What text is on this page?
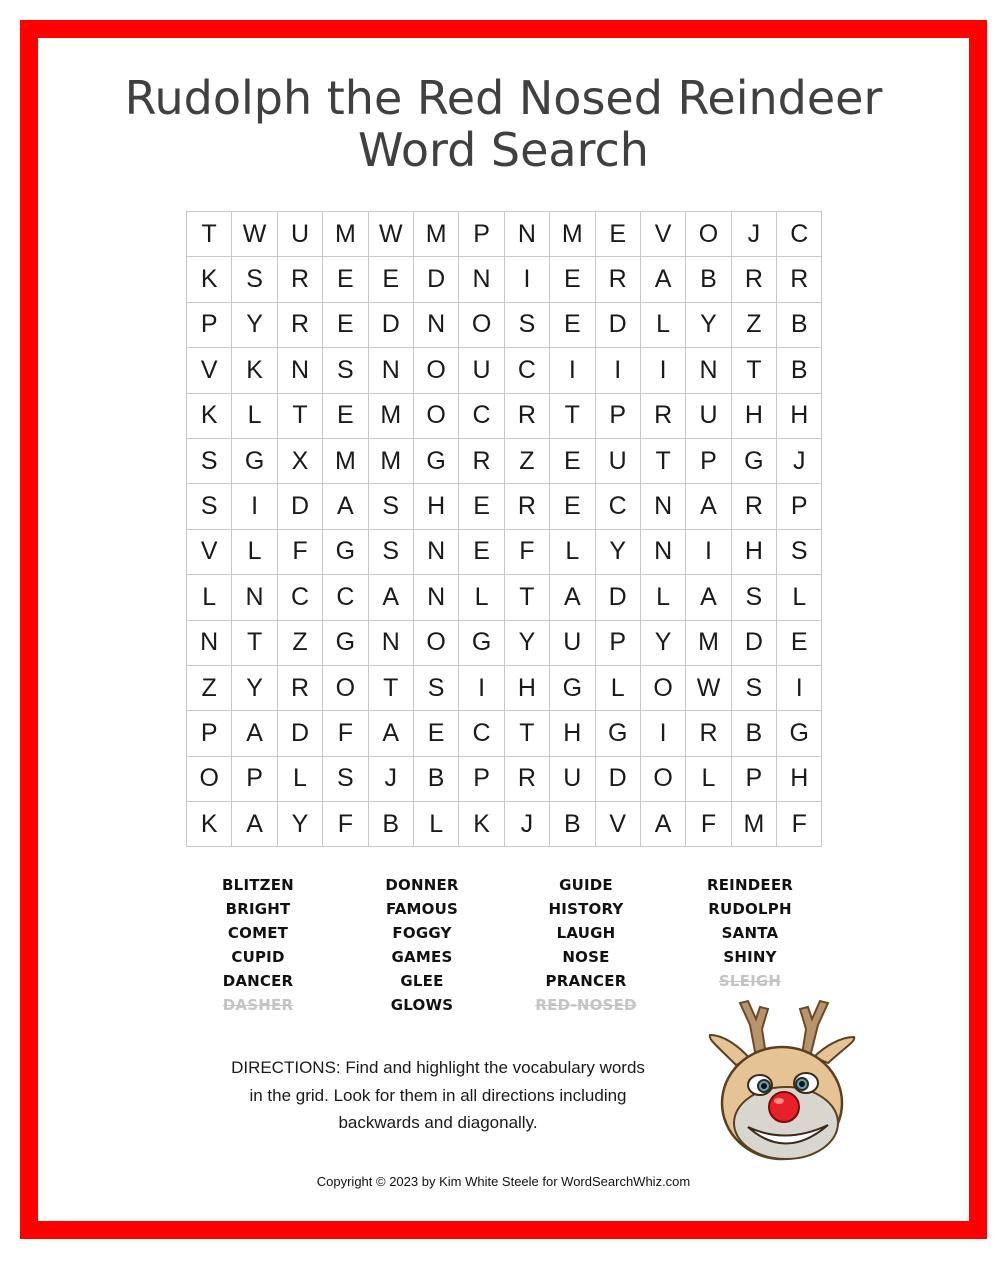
Rudolph the Red Nosed Reindeer
Word Search
T	W	U	M	W	M	P	N	M	E	V	O	J	C
K	S	R	E	E	D	N	I	E	R	A	B	R	R
P	Y	R	E	D	N	O	S	E	D	L	Y	Z	B
V	K	N	S	N	O	U	C	I	I	I	N	T	B
K	L	T	E	M	O	C	R	T	P	R	U	H	H
S	G	X	M	M	G	R	Z	E	U	T	P	G	J
S	I	D	A	S	H	E	R	E	C	N	A	R	P
V	L	F	G	S	N	E	F	L	Y	N	I	H	S
L	N	C	C	A	N	L	T	A	D	L	A	S	L
N	T	Z	G	N	O	G	Y	U	P	Y	M	D	E
Z	Y	R	O	T	S	I	H	G	L	O	W	S	I
P	A	D	F	A	E	C	T	H	G	I	R	B	G
O	P	L	S	J	B	P	R	U	D	O	L	P	H
K	A	Y	F	B	L	K	J	B	V	A	F	M	F
BLITZEN
BRIGHT
COMET
CUPID
DANCER
DASHER
DONNER
FAMOUS
FOGGY
GAMES
GLEE
GLOWS
GUIDE
HISTORY
LAUGH
NOSE
PRANCER
RED-NOSED
REINDEER
RUDOLPH
SANTA
SHINY
SLEIGH
DIRECTIONS: Find and highlight the vocabulary words
in the grid. Look for them in all directions including
backwards and diagonally.
Copyright © 2023 by Kim White Steele for WordSearchWhiz.com
